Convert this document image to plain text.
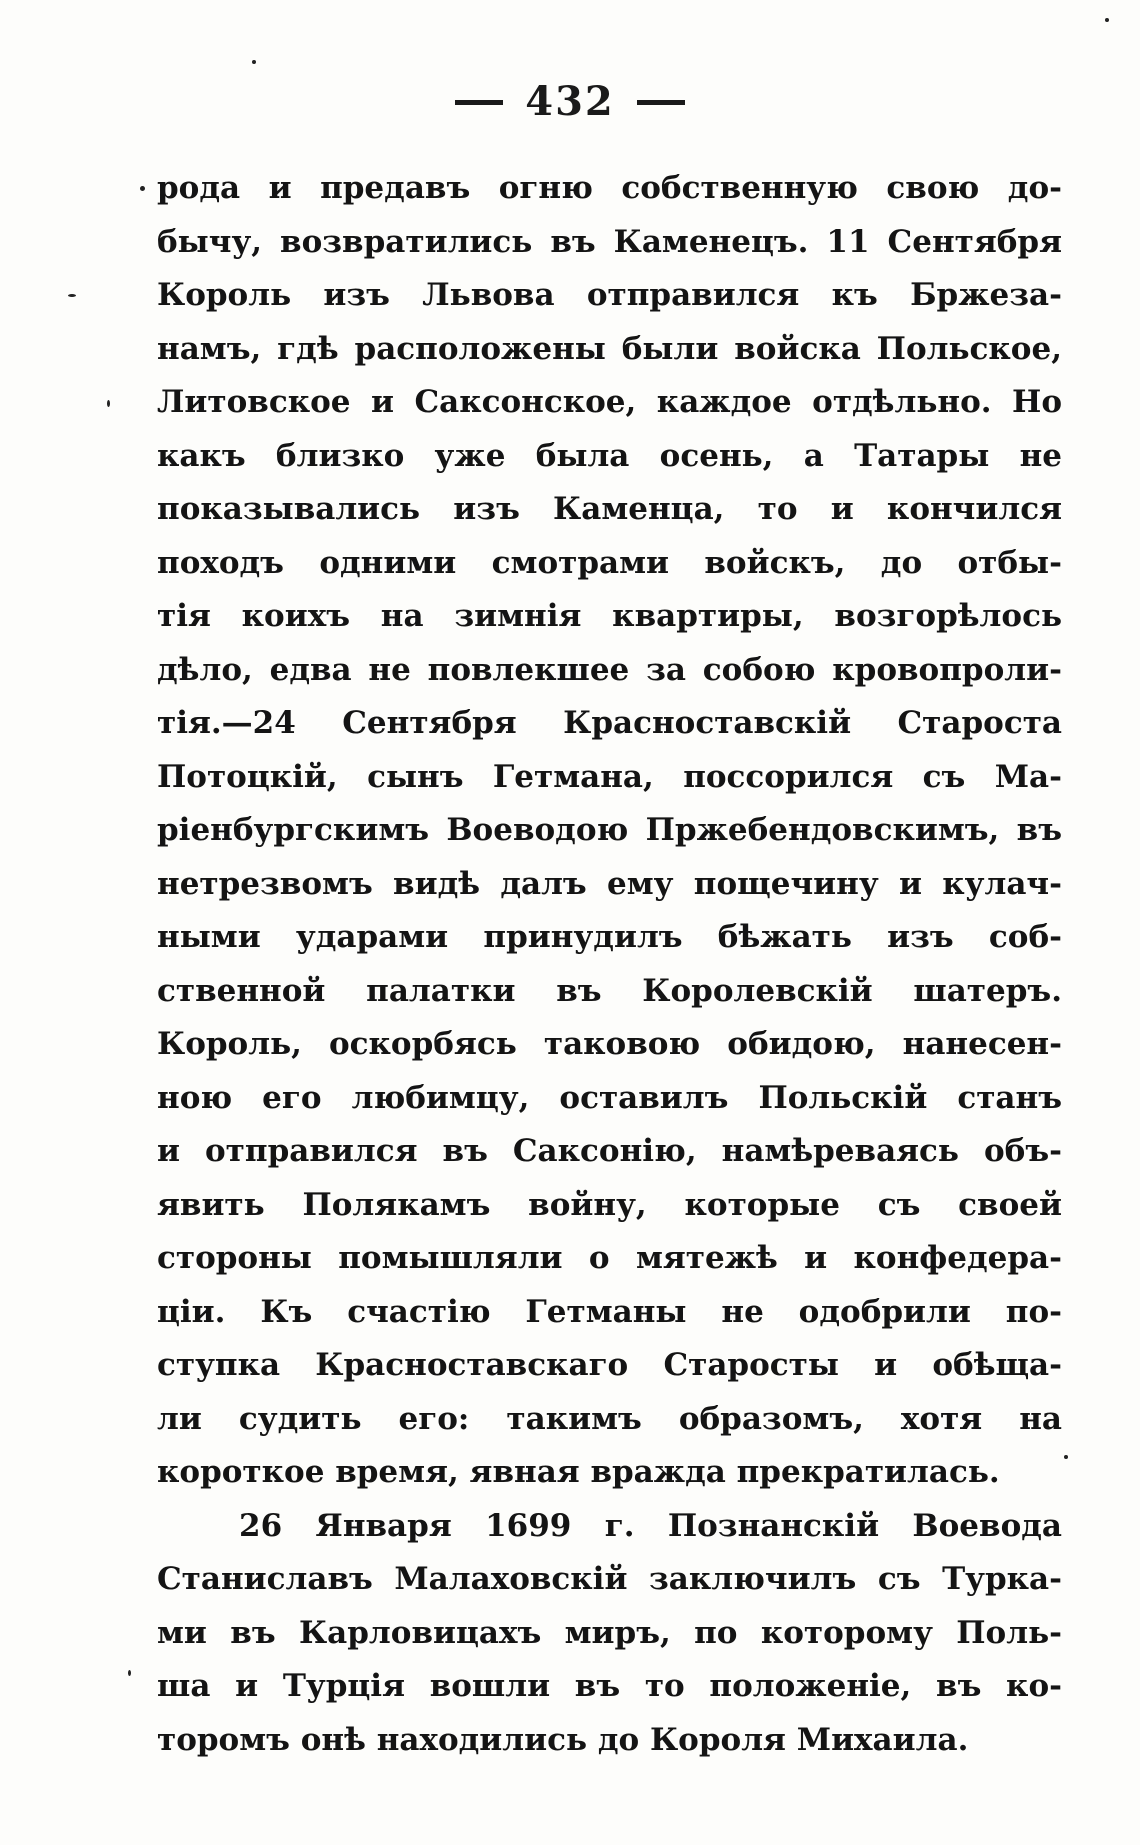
432
рода и предавъ огню собственную свою до-
бычу, возвратились въ Каменецъ. 11 Сентября
Король изъ Львова отправился къ Бржеза-
намъ, гдѣ расположены были войска Польское,
Литовское и Саксонское, каждое отдѣльно. Но
какъ близко уже была осень, а Татары не
показывались изъ Каменца, то и кончился
походъ одними смотрами войскъ, до отбы-
тія коихъ на зимнія квартиры, возгорѣлось
дѣло, едва не повлекшее за собою кровопроли-
тія.—24 Сентября Красноставскій Староста
Потоцкій, сынъ Гетмана, поссорился съ Ма-
ріенбургскимъ Воеводою Пржебендовскимъ, въ
нетрезвомъ видѣ далъ ему пощечину и кулач-
ными ударами принудилъ бѣжать изъ соб-
ственной палатки въ Королевскій шатеръ.
Король, оскорбясь таковою обидою, нанесен-
ною его любимцу, оставилъ Польскій станъ
и отправился въ Саксонію, намѣреваясь объ-
явить Полякамъ войну, которые съ своей
стороны помышляли о мятежѣ и конфедера-
ціи. Къ счастію Гетманы не одобрили по-
ступка Красноставскаго Старосты и обѣща-
ли судить его: такимъ образомъ, хотя на
короткое время, явная вражда прекратилась.
26 Января 1699 г. Познанскій Воевода
Станиславъ Малаховскій заключилъ съ Турка-
ми въ Карловицахъ миръ, по которому Поль-
ша и Турція вошли въ то положеніе, въ ко-
торомъ онѣ находились до Короля Михаила.
